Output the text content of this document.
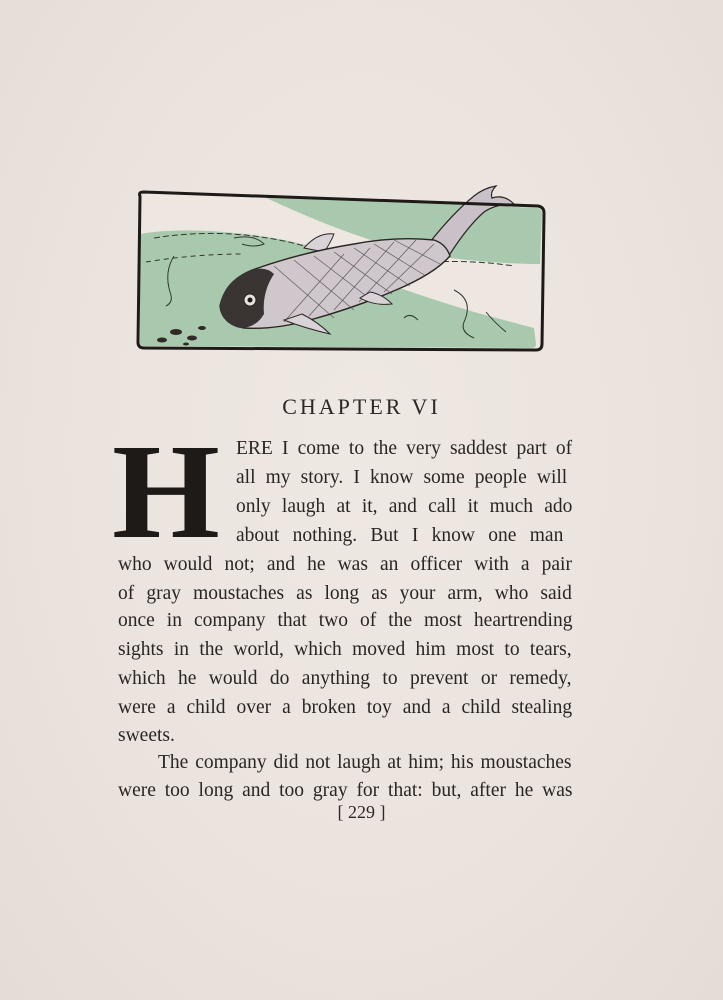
CHAPTER VI
H ERE I come to the very saddest part of
all my story. I know some people will
only laugh at it, and call it much ado
about nothing. But I know one man
who would not; and he was an officer with a pair
of gray moustaches as long as your arm, who said
once in company that two of the most heartrending
sights in the world, which moved him most to tears,
which he would do anything to prevent or remedy,
were a child over a broken toy and a child stealing
sweets.
The company did not laugh at him; his moustaches
were too long and too gray for that: but, after he was
[ 229 ]
